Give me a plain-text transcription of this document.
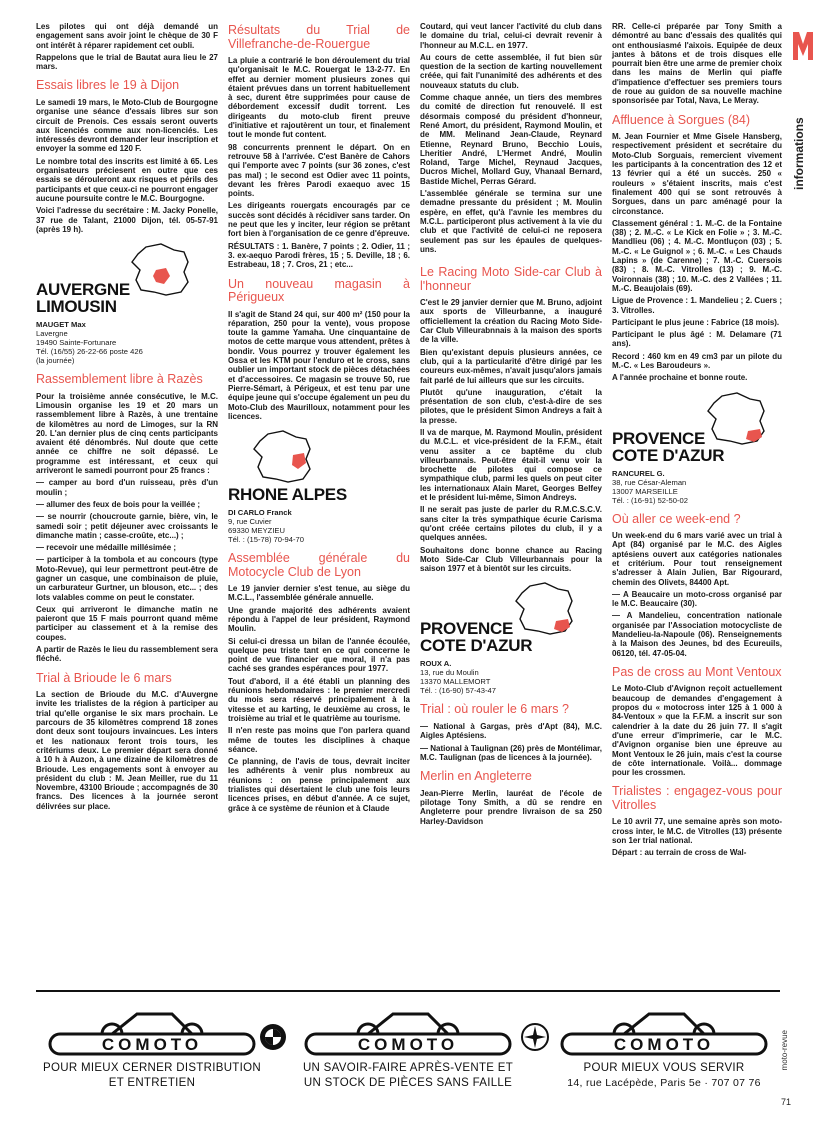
informations

Les pilotes qui ont déjà demandé un engagement sans avoir joint le chèque de 30 F ont intérêt à réparer rapidement cet oubli.

Rappelons que le trial de Bautat aura lieu le 27 mars.

Essais libres le 19 à Dijon

Le samedi 19 mars, le Moto-Club de Bourgogne organise une séance d'essais libres sur son circuit de Prenois. Ces essais seront ouverts aux licenciés comme aux non-licenciés. Les intéressés devront demander leur inscription et envoyer la somme ed 120 F.

Le nombre total des inscrits est limité à 65. Les organisateurs préciesent en outre que ces essais se dérouleront aux risques et périls des participants et que ceux-ci ne pourront engager aucune poursuite contre le M.C. Bourgogne.

Voici l'adresse du secrétaire : M. Jacky Ponelle, 37 rue de Talant, 21000 Dijon, tél. 05-57-91 (après 19 h).

AUVERGNE
LIMOUSIN
MAUGET Max
Lavergne
19490 Sainte-Fortunare
Tél. (16/55) 26-22-66 poste 426
(la journée)
Rassemblement libre à Razès

Pour la troisième année consécutive, le M.C. Limousin organise les 19 et 20 mars un rassemblement libre à Razès, à une trentaine de kilomètres au nord de Limoges, sur la RN 20. L'an dernier plus de cinq cents participants avaient été dénombrés. Nul doute que cette année ce chiffre ne soit dépassé. Le programme est intéressant, et ceux qui arriveront le samedi pourront pour 25 francs :

— camper au bord d'un ruisseau, près d'un moulin ;

— allumer des feux de bois pour la veillée ;

— se nourrir (choucroute garnie, bière, vin, le samedi soir ; petit déjeuner avec croissants le dimanche matin ; casse-croûte, etc...) ;

— recevoir une médaille millésimée ;

— participer à la tombola et au concours (type Moto-Revue), qui leur permettront peut-être de gagner un casque, une combinaison de pluie, un carburateur Gurtner, un blouson, etc... ; des lots valables comme on peut le constater.

Ceux qui arriveront le dimanche matin ne paieront que 15 F mais pourront quand même participer au classement et à la remise des coupes.

A partir de Razès le lieu du rassemblement sera fléché.

Trial à Brioude le 6 mars

La section de Brioude du M.C. d'Auvergne invite les trialistes de la région à participer au trial qu'elle organise le six mars prochain. Le parcours de 35 kilomètres comprend 18 zones dont deux sont toujours invaincues. Les inters et les nationaux feront trois tours, les critériums deux. Le premier départ sera donné à 10 h à Auzon, à une dizaine de kilomètres de Brioude. Les engagements sont à envoyer au président du club : M. Jean Meiller, rue du 11 Novembre, 43100 Brioude ; accompagnés de 30 francs. Des licences à la journée seront délivrées sur place.

Résultats du Trial de Villefranche-de-Rouergue

La pluie a contrarié le bon déroulement du trial qu'organisait le M.C. Rouergat le 13-2-77. En effet au dernier moment plusieurs zones qui étaient prévues dans un torrent habituellement à sec, durent être supprimées pour cause de débordement excessif dudit torrent. Les dirigeants du moto-club firent preuve d'initiative et rajoutèrent un tour, et finalement tout le monde fut content.

98 concurrents prennent le départ. On en retrouve 58 à l'arrivée. C'est Banère de Cahors qui l'emporte avec 7 points (sur 36 zones, c'est pas mal) ; le second est Odier avec 11 points, devant les frères Parodi exaequo avec 15 points.

Les dirigeants rouergats encouragés par ce succès sont décidés à récidiver sans tarder. On ne peut que les y inciter, leur région se prêtant fort bien à l'organisation de ce genre d'épreuve.

RÉSULTATS : 1. Banère, 7 points ; 2. Odier, 11 ; 3. ex-aequo Parodi frères, 15 ; 5. Deville, 18 ; 6. Estrabeau, 18 ; 7. Cros, 21 ; etc...

Un nouveau magasin à Périgueux

Il s'agit de Stand 24 qui, sur 400 m² (150 pour la réparation, 250 pour la vente), vous propose toute la gamme Yamaha. Une cinquantaine de motos de cette marque vous attendent, prêtes à bondir. Vous pourrez y trouver également les Ossa et les KTM pour l'enduro et le cross, sans oublier un important stock de pièces détachées et d'accessoires. Ce magasin se trouve 50, rue Pierre-Sémart, à Périgeux, et est tenu par une équipe jeune qui s'occupe également un peu du Moto-Club des Maurilloux, notamment pour les licences.

RHONE ALPES
DI CARLO Franck
9, rue Cuvier
69330 MEYZIEU
Tél. : (15-78) 70-94-70
Assemblée générale du Motocycle Club de Lyon

Le 19 janvier dernier s'est tenue, au siège du M.C.L., l'assemblée générale annuelle.

Une grande majorité des adhérents avaient répondu à l'appel de leur président, Raymond Moulin.

Si celui-ci dressa un bilan de l'année écoulée, quelque peu triste tant en ce qui concerne le point de vue financier que moral, il n'a pas caché ses grandes espérances pour 1977.

Tout d'abord, il a été établi un planning des réunions hebdomadaires : le premier mercredi du mois sera réservé principalement à la vitesse et au karting, le deuxième au cross, le troisième au trial et le quatrième au tourisme.

Il n'en reste pas moins que l'on parlera quand même de toutes les disciplines à chaque séance.

Ce planning, de l'avis de tous, devrait inciter les adhérents à venir plus nombreux au réunions : on pense principalement aux trialistes qui désertaient le club une fois leurs licences prises, en début d'année. A ce sujet, grâce à ce système de réunion et à Claude

Coutard, qui veut lancer l'activité du club dans le domaine du trial, celui-ci devrait revenir à l'honneur au M.C.L. en 1977.

Au cours de cette assemblée, il fut bien sûr question de la section de karting nouvellement créée, qui fait l'unanimité des adhérents et des nouveaux statuts du club.

Comme chaque année, un tiers des membres du comité de direction fut renouvelé. Il est désormais composé du président d'honneur, René Amort, du président, Raymond Moulin, et de MM. Melinand Jean-Claude, Reynard Etienne, Reynard Bruno, Becchio Louis, Lheritier André, L'Hermet André, Moulin Roland, Targe Michel, Reynaud Jacques, Ducros Michel, Mollard Guy, Vhanaal Bernard, Bastide Michel, Perras Gérard.

L'assemblée générale se termina sur une demadne pressante du président ; M. Moulin espère, en effet, qu'à l'avnie les membres du M.C.L. participeront plus activement à la vie du club et que l'activité de celui-ci ne reposera seulement pas sur les épaules de quelques-uns.

Le Racing Moto Side-car Club à l'honneur

C'est le 29 janvier dernier que M. Bruno, adjoint aux sports de Villeurbanne, a inauguré officiellement la création du Racing Moto Side-Car Club Villeurabnnais à la maison des sports de la ville.

Bien qu'existant depuis plusieurs années, ce club, qui a la particularité d'être dirigé par les coureurs eux-mêmes, n'avait jusqu'alors jamais fait parlé de lui ailleurs que sur les circuits.

Plutôt qu'une inauguration, c'était la présentation de son club, c'est-à-dire de ses pilotes, que le président Simon Andreys a fait à la presse.

Il va de marque, M. Raymond Moulin, président du M.C.L. et vice-président de la F.F.M., était venu assiter a ce baptême du club villeurbannais. Peut-être était-il venu voir la brochette de pilotes qui compose ce sympathique club, parmi les quels on peut citer les internationaux Alain Maret, Georges Belfey et le président lui-même, Simon Andreys.

Il ne serait pas juste de parler du R.M.C.S.C.V. sans citer la très sympathique écurie Carisma qu'ont créée certains pilotes du club, il y a quelques années.

Souhaitons donc bonne chance au Racing Moto Side-Car Club Villeurbannais pour la saison 1977 et à bientôt sur les circuits.

PROVENCE
COTE D'AZUR
ROUX A.
13, rue du Moulin
13370 MALLEMORT
Tél. : (16-90) 57-43-47
Trial : où rouler le 6 mars ?

— National à Gargas, près d'Apt (84), M.C. Aigles Aptésiens.

— National à Taulignan (26) près de Montélimar, M.C. Taulignan (pas de licences à la journée).

Merlin en Angleterre

Jean-Pierre Merlin, lauréat de l'école de pilotage Tony Smith, a dû se rendre en Angleterre pour prendre livraison de sa 250 Harley-Davidson

RR. Celle-ci préparée par Tony Smith a démontré au banc d'essais des qualités qui ont enthousiasmé l'aixois. Equipée de deux jantes à bâtons et de trois disques elle pourrait bien être une arme de premier choix dans les mains de Merlin qui piaffe d'impatience d'effectuer ses premiers tours de roue au guidon de sa nouvelle machine sponsorisée par Total, Nava, Le Meray.

Affluence à Sorgues (84)

M. Jean Fournier et Mme Gisele Hansberg, respectivement président et secrétaire du Moto-Club Sorguais, remercient vivement les participants à la concentration des 12 et 13 février qui a été un succès. 250 « rouleurs » s'étaient inscrits, mais c'est finalement 400 qui se sont retrouvés à Sorgues, dans un parc aménagé pour la circonstance.

Classement général : 1. M.-C. de la Fontaine (38) ; 2. M.-C. « Le Kick en Folie » ; 3. M.-C. Mandlieu (06) ; 4. M.-C. Montluçon (03) ; 5. M.-C. « Le Guignol » ; 6. M.-C. « Les Chauds Lapins » (de Carenne) ; 7. M.-C. Cuersois (83) ; 8. M.-C. Vitrolles (13) ; 9. M.-C. Voironnais (38) ; 10. M.-C. des 2 Vallées ; 11. M.-C. Beaujolais (69).

Ligue de Provence : 1. Mandelieu ; 2. Cuers ; 3. Vitrolles.

Participant le plus jeune : Fabrice (18 mois).

Participant le plus âgé : M. Delamare (71 ans).

Record : 460 km en 49 cm3 par un pilote du M.-C. « Les Baroudeurs ».

A l'année prochaine et bonne route.

PROVENCE
COTE D'AZUR
RANCUREL G.
38, rue César-Aleman
13007 MARSEILLE
Tél. : (16-91) 52-50-02
Où aller ce week-end ?

Un week-end du 6 mars varié avec un trial à Apt (84) organisé par le M.C. des Aigles aptésiens ouvert aux catégories nationales et critérium. Pour tout renseignement s'adresser à Alain Julien, Bar Rigourard, chemin des Olivets, 84400 Apt.

— A Beaucaire un moto-cross organisé par le M.C. Beaucaire (30).

— A Mandelieu, concentration nationale organisée par l'Association motocycliste de Mandelieu-la-Napoule (06). Renseignements à la Maison des Jeunes, bd des Ecureuils, 06120, tél. 47-05-04.

Pas de cross au Mont Ventoux

Le Moto-Club d'Avignon reçoit actuellement beaucoup de demandes d'engagement à propos du « motocross inter 125 à 1 000 à 84-Ventoux » que la F.F.M. a inscrit sur son calendrier à la date du 26 juin 77. Il s'agit d'une erreur d'imprimerie, car le M.C. d'Avignon organise bien une épreuve au Mont Ventoux le 26 juin, mais c'est la course de côte internationale. Voilà... dommage pour les crossmen.

Trialistes : engagez-vous pour Vitrolles

Le 10 avril 77, une semaine après son moto-cross inter, le M.C. de Vitrolles (13) présente son 1er trial national.

Départ : au terrain de cross de Wal-

COMOTO
POUR MIEUX CERNER DISTRIBUTION
ET ENTRETIEN
COMOTO
UN SAVOIR-FAIRE APRÈS-VENTE ET
UN STOCK DE PIÈCES SANS FAILLE
COMOTO
POUR MIEUX VOUS SERVIR
14, rue Lacépède, Paris 5e · 707 07 76
moto-revue
71
